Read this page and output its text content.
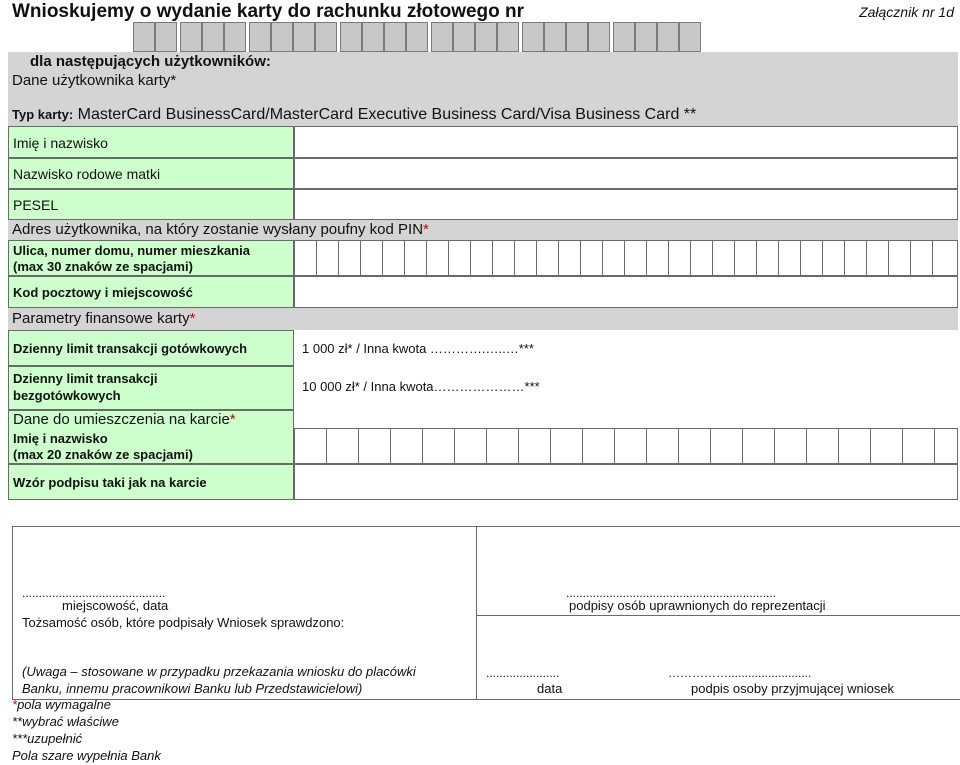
Wnioskujemy o wydanie karty do rachunku złotowego nr	Załącznik nr 1d
dla następujących użytkowników:
Dane użytkownika karty*
Typ karty: MasterCard BusinessCard/MasterCard Executive Business Card/Visa Business Card **
Imię i nazwisko
Nazwisko rodowe matki
PESEL
Adres użytkownika, na który zostanie wysłany poufny kod PIN*
Ulica, numer domu, numer mieszkania
(max 30 znaków ze spacjami)
Kod pocztowy i miejscowość
Parametry finansowe karty*
Dzienny limit transakcji gotówkowych	1 000 zł* / Inna kwota ………….…..…***
Dzienny limit transakcji
bezgotówkowych
10 000 zł* / Inna kwota…………………***
Dane do umieszczenia na karcie*
Imię i nazwisko
(max 20 znaków ze spacjami)
Wzór podpisu taki jak na karcie
...........................................
miejscowość, data
...............................................................
podpisy osób uprawnionych do reprezentacji
Tożsamość osób, które podpisały Wniosek sprawdzono:
(Uwaga – stosowane w przypadku przekazania wniosku do placówki
Banku, innemu pracownikowi Banku lub Przedstawicielowi)
......................
data
…………….........................
podpis osoby przyjmującej wniosek
*pola wymagalne
**wybrać właściwe
***uzupełnić
Pola szare wypełnia Bank
